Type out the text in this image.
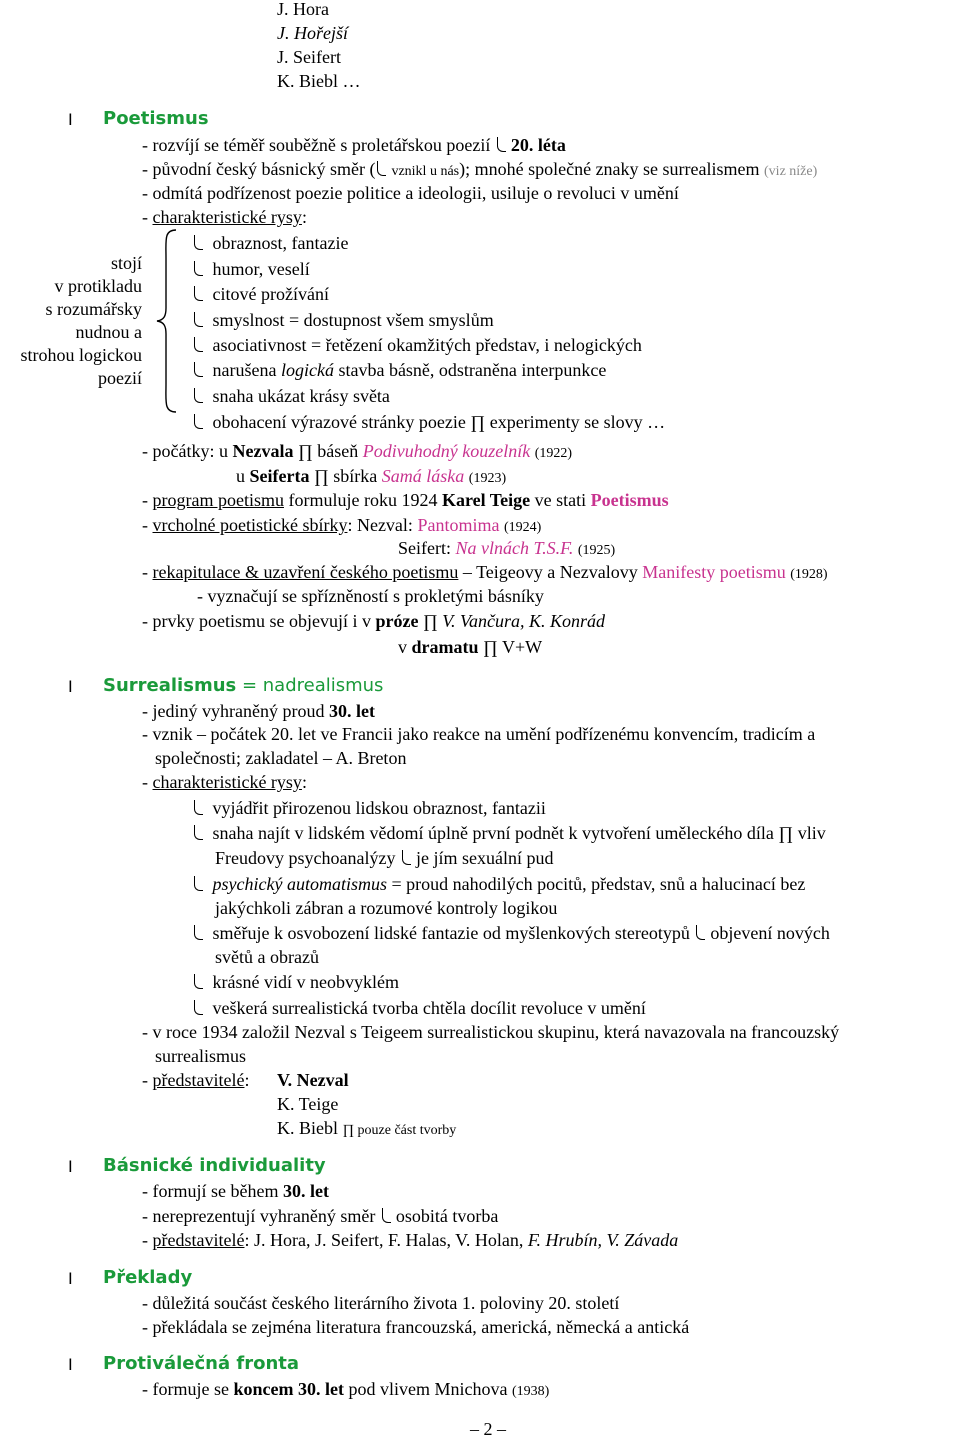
J. Hora
J. Hořejší
J. Seifert
K. Biebl …
I Poetismus
- rozvíjí se téměř souběžně s proletářskou poezií 20. léta
- původní český básnický směr ( vznikl u nás); mnohé společné znaky se surrealismem (viz níže)
- odmítá podřízenost poezie politice a ideologii, usiluje o revoluci v umění
- charakteristické rysy:
stojí
v protikladu
s rozumářsky
nudnou a
strohou logickou
poezií
obraznost, fantazie
humor, veselí
citové prožívání
smyslnost = dostupnost všem smyslům
asociativnost = řetězení okamžitých představ, i nelogických
narušena logická stavba básně, odstraněna interpunkce
snaha ukázat krásy světa
obohacení výrazové stránky poezie ∏ experimenty se slovy …
- počátky: u Nezvala ∏ báseň Podivuhodný kouzelník (1922)
u Seiferta ∏ sbírka Samá láska (1923)
- program poetismu formuluje roku 1924 Karel Teige ve stati Poetismus
- vrcholné poetistické sbírky: Nezval: Pantomima (1924)
Seifert: Na vlnách T.S.F. (1925)
- rekapitulace & uzavření českého poetismu – Teigeovy a Nezvalovy Manifesty poetismu (1928)
- vyznačují se spřízněností s prokletými básníky
- prvky poetismu se objevují i v próze ∏ V. Vančura, K. Konrád
v dramatu ∏ V+W
I Surrealismus = nadrealismus
- jediný vyhraněný proud 30. let
- vznik – počátek 20. let ve Francii jako reakce na umění podřízenému konvencím, tradicím a
společnosti; zakladatel – A. Breton
- charakteristické rysy:
vyjádřit přirozenou lidskou obraznost, fantazii
snaha najít v lidském vědomí úplně první podnět k vytvoření uměleckého díla ∏ vliv
Freudovy psychoanalýzy je jím sexuální pud
psychický automatismus = proud nahodilých pocitů, představ, snů a halucinací bez
jakýchkoli zábran a rozumové kontroly logikou
směřuje k osvobození lidské fantazie od myšlenkových stereotypů objevení nových
světů a obrazů
krásné vidí v neobvyklém
veškerá surrealistická tvorba chtěla docílit revoluce v umění
- v roce 1934 založil Nezval s Teigeem surrealistickou skupinu, která navazovala na francouzský
surrealismus
- představitelé: V. Nezval
K. Teige
K. Biebl ∏ pouze část tvorby
I Básnické individuality
- formují se během 30. let
- nereprezentují vyhraněný směr osobitá tvorba
- představitelé: J. Hora, J. Seifert, F. Halas, V. Holan, F. Hrubín, V. Závada
I Překlady
- důležitá součást českého literárního života 1. poloviny 20. století
- překládala se zejména literatura francouzská, americká, německá a antická
I Protiválečná fronta
- formuje se koncem 30. let pod vlivem Mnichova (1938)
– 2 –
